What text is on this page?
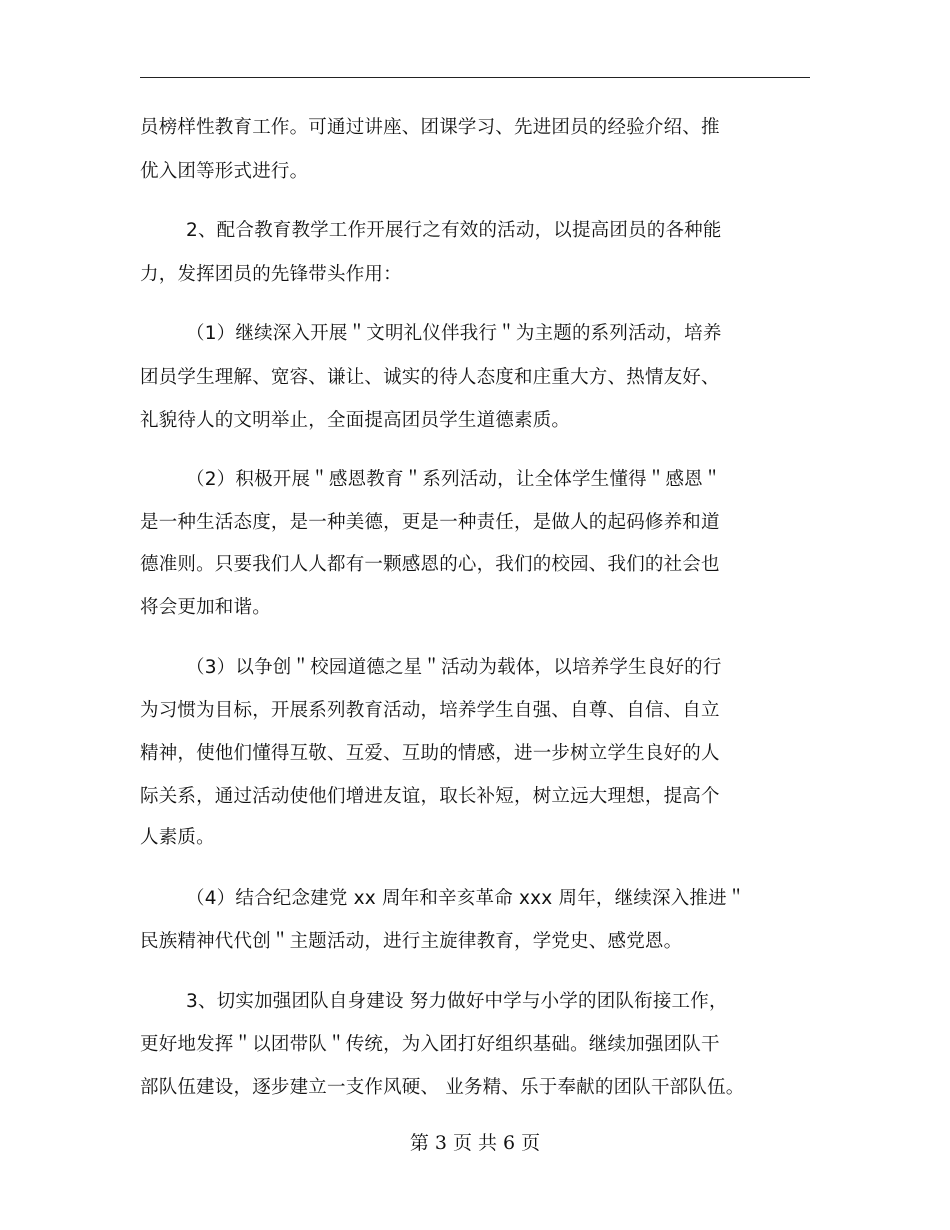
员榜样性教育工作。可通过讲座、团课学习、先进团员的经验介绍、推
优入团等形式进行。
2、配合教育教学工作开展行之有效的活动，以提高团员的各种能
力，发挥团员的先锋带头作用：
（1）继续深入开展＂文明礼仪伴我行＂为主题的系列活动，培养
团员学生理解、宽容、谦让、诚实的待人态度和庄重大方、热情友好、
礼貌待人的文明举止，全面提高团员学生道德素质。
（2）积极开展＂感恩教育＂系列活动，让全体学生懂得＂感恩＂
是一种生活态度，是一种美德，更是一种责任，是做人的起码修养和道
德准则。只要我们人人都有一颗感恩的心，我们的校园、我们的社会也
将会更加和谐。
（3）以争创＂校园道德之星＂活动为载体，以培养学生良好的行
为习惯为目标，开展系列教育活动，培养学生自强、自尊、自信、自立
精神，使他们懂得互敬、互爱、互助的情感，进一步树立学生良好的人
际关系，通过活动使他们增进友谊，取长补短，树立远大理想，提高个
人素质。
（4）结合纪念建党 xx 周年和辛亥革命 xxx 周年，继续深入推进＂
民族精神代代创＂主题活动，进行主旋律教育，学党史、感党恩。
3、切实加强团队自身建设 努力做好中学与小学的团队衔接工作，
更好地发挥＂以团带队＂传统，为入团打好组织基础。继续加强团队干
部队伍建设，逐步建立一支作风硬、 业务精、乐于奉献的团队干部队伍。
第 3 页 共 6 页
